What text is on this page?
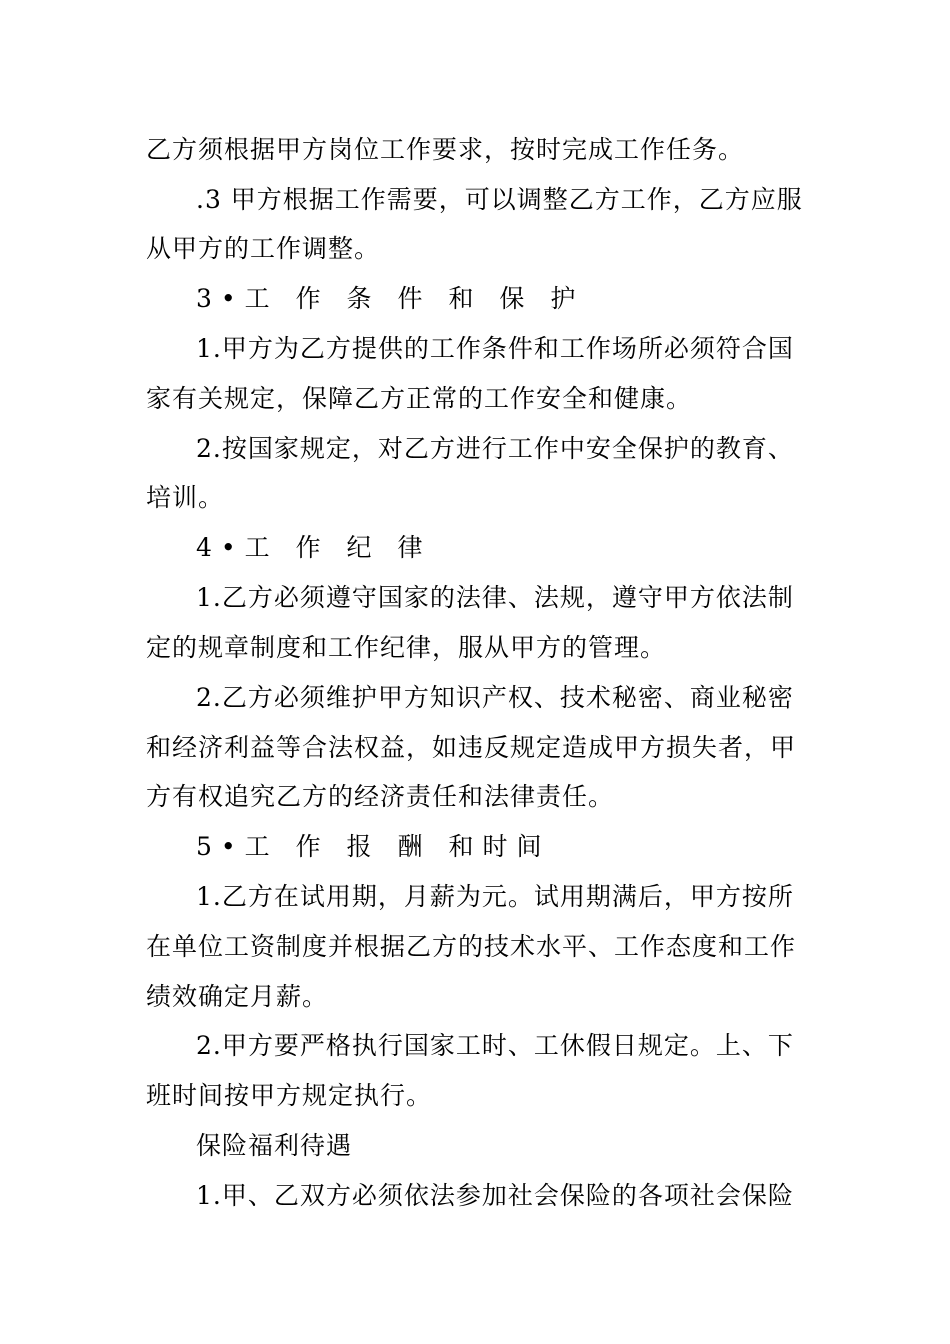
乙方须根据甲方岗位工作要求，按时完成工作任务。
.3 甲方根据工作需要，可以调整乙方工作，乙方应服
从甲方的工作调整。
3•工 作 条 件 和 保 护
1.甲方为乙方提供的工作条件和工作场所必须符合国
家有关规定，保障乙方正常的工作安全和健康。
2.按国家规定，对乙方进行工作中安全保护的教育、
培训。
4•工 作 纪 律
1.乙方必须遵守国家的法律、法规，遵守甲方依法制
定的规章制度和工作纪律，服从甲方的管理。
2.乙方必须维护甲方知识产权、技术秘密、商业秘密
和经济利益等合法权益，如违反规定造成甲方损失者，甲
方有权追究乙方的经济责任和法律责任。
5•工 作 报 酬 和时间
1.乙方在试用期，月薪为元。试用期满后，甲方按所
在单位工资制度并根据乙方的技术水平、工作态度和工作
绩效确定月薪。
2.甲方要严格执行国家工时、工休假日规定。上、下
班时间按甲方规定执行。
保险福利待遇
1.甲、乙双方必须依法参加社会保险的各项社会保险
